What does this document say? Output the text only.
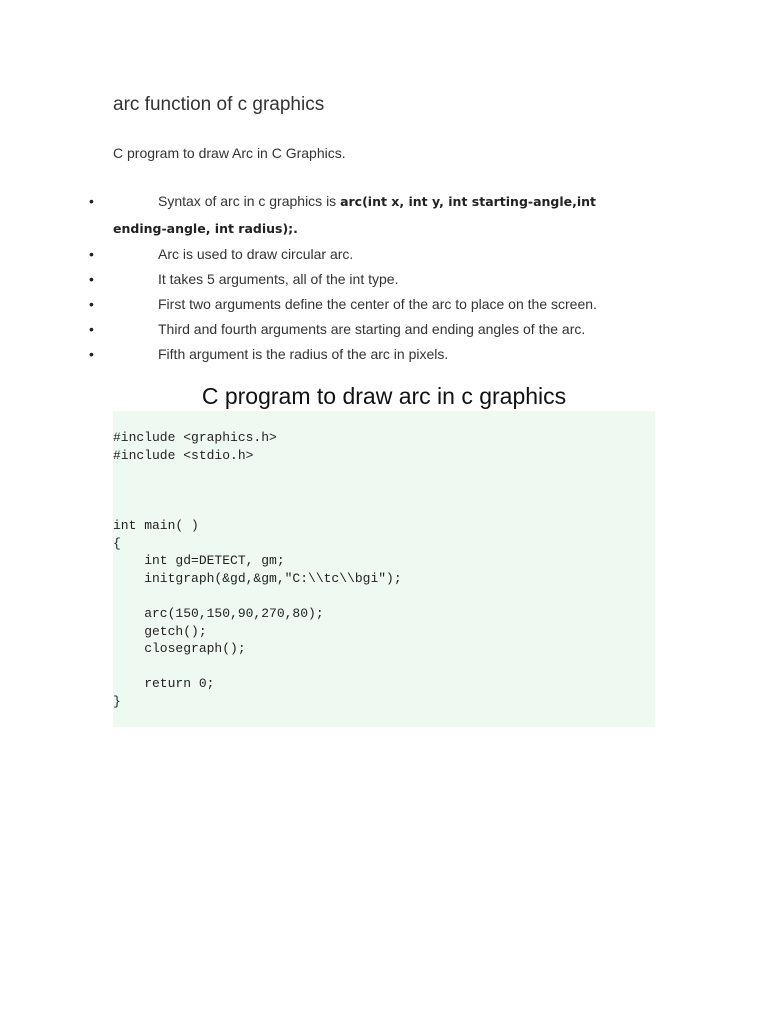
arc function of c graphics

C program to draw Arc in C Graphics.

•	Syntax of arc in c graphics is arc(int x, int y, int starting-angle,int
ending-angle, int radius);.
•	Arc is used to draw circular arc.
•	It takes 5 arguments, all of the int type.
•	First two arguments define the center of the arc to place on the screen.
•	Third and fourth arguments are starting and ending angles of the arc.
•	Fifth argument is the radius of the arc in pixels.
C program to draw arc in c graphics
#include <graphics.h>
#include <stdio.h>

int main( )
{
int gd=DETECT, gm;
initgraph(&gd,&gm,"C:\\tc\\bgi");

arc(150,150,90,270,80);
getch();
closegraph();

return 0;
}
